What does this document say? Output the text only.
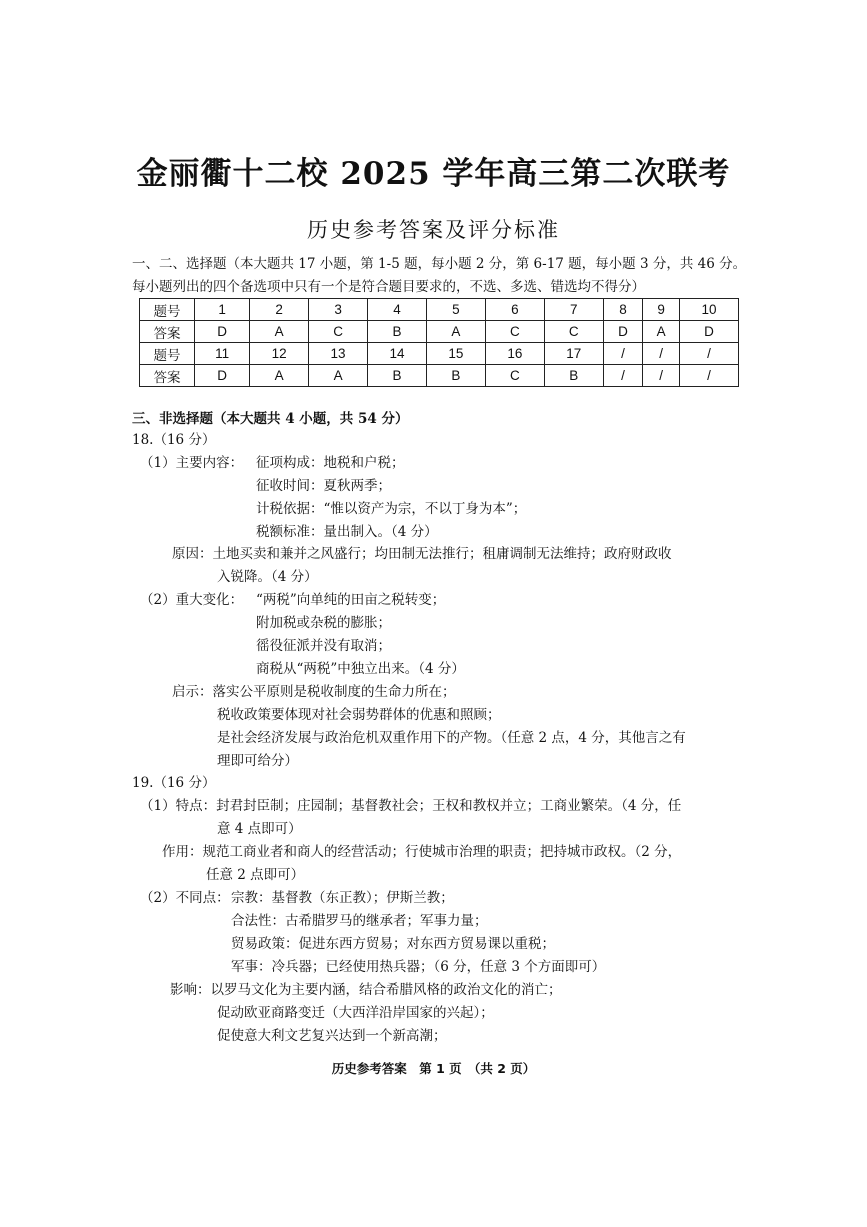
金丽衢十二校 2025 学年高三第二次联考
历史参考答案及评分标准
一、二、选择题（本大题共 17 小题，第 1-5 题，每小题 2 分，第 6-17 题，每小题 3 分，共 46 分。每小题列出的四个备选项中只有一个是符合题目要求的，不选、多选、错选均不得分）
题号	1	2	3	4	5	6	7	8	9	10
答案	D	A	C	B	A	C	C	D	A	D
题号	11	12	13	14	15	16	17	/	/	/
答案	D	A	A	B	B	C	B	/	/	/
三、非选择题（本大题共 4 小题，共 54 分）
18.（16 分）
（1）主要内容： 征项构成：地税和户税；
征收时间：夏秋两季；
计税依据：“惟以资产为宗，不以丁身为本”；
税额标准：量出制入。（4 分）
原因：土地买卖和兼并之风盛行；均田制无法推行；租庸调制无法维持；政府财政收
入锐降。（4 分）
（2）重大变化： “两税”向单纯的田亩之税转变；
附加税或杂税的膨胀；
徭役征派并没有取消；
商税从“两税”中独立出来。（4 分）
启示：落实公平原则是税收制度的生命力所在；
税收政策要体现对社会弱势群体的优惠和照顾；
是社会经济发展与政治危机双重作用下的产物。（任意 2 点，4 分，其他言之有
理即可给分）
19.（16 分）
（1）特点：封君封臣制；庄园制；基督教社会；王权和教权并立；工商业繁荣。（4 分，任
意 4 点即可）
作用：规范工商业者和商人的经营活动；行使城市治理的职责；把持城市政权。（2 分，
任意 2 点即可）
（2）不同点： 宗教：基督教（东正教）；伊斯兰教；
合法性：古希腊罗马的继承者；军事力量；
贸易政策：促进东西方贸易；对东西方贸易课以重税；
军事：冷兵器；已经使用热兵器；（6 分，任意 3 个方面即可）
影响：以罗马文化为主要内涵，结合希腊风格的政治文化的消亡；
促动欧亚商路变迁（大西洋沿岸国家的兴起）；
促使意大利文艺复兴达到一个新高潮；
历史参考答案　第 1 页　（共 2 页）
